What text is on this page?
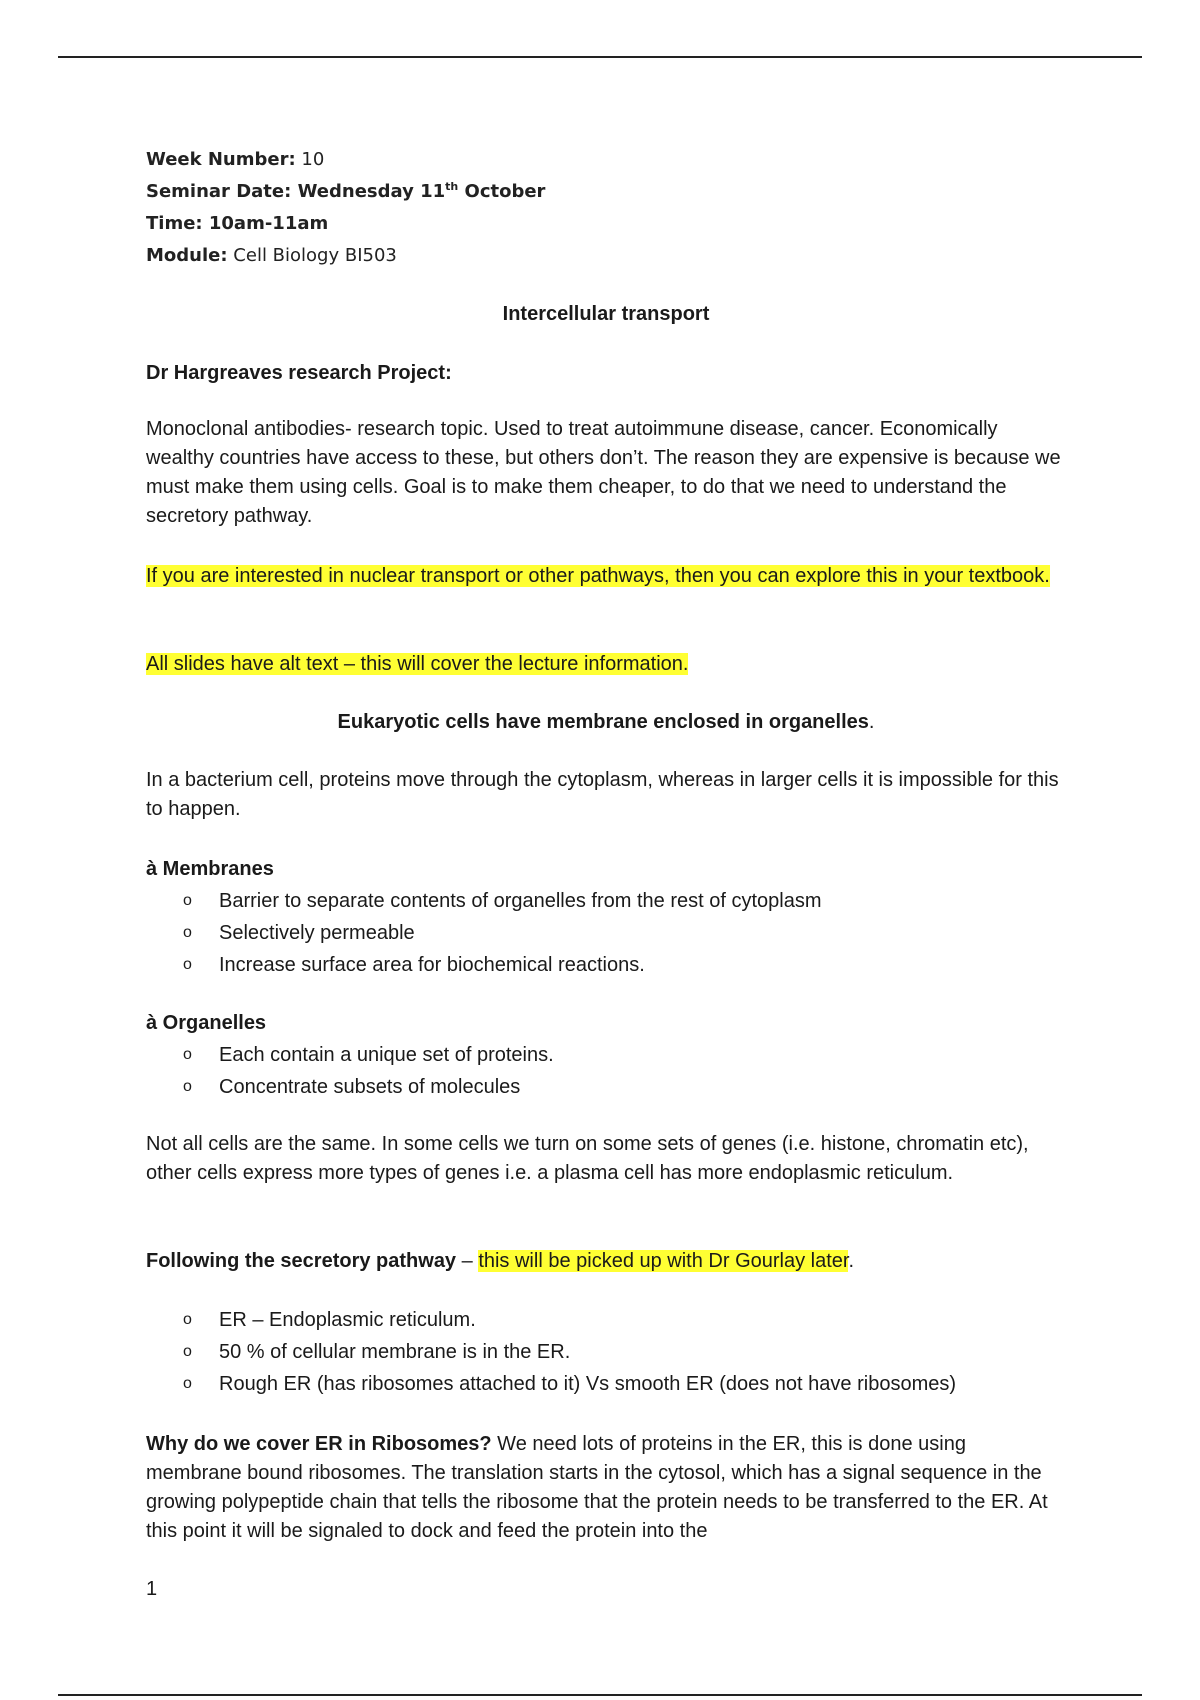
Week Number: 10
Seminar Date: Wednesday 11th October
Time: 10am-11am
Module: Cell Biology BI503
Intercellular transport
Dr Hargreaves research Project:
Monoclonal antibodies- research topic. Used to treat autoimmune disease, cancer. Economically wealthy countries have access to these, but others don’t. The reason they are expensive is because we must make them using cells. Goal is to make them cheaper, to do that we need to understand the secretory pathway.
If you are interested in nuclear transport or other pathways, then you can explore this in your textbook.
All slides have alt text – this will cover the lecture information.
Eukaryotic cells have membrane enclosed in organelles.
In a bacterium cell, proteins move through the cytoplasm, whereas in larger cells it is impossible for this to happen.
à Membranes
o Barrier to separate contents of organelles from the rest of cytoplasm
o Selectively permeable
o Increase surface area for biochemical reactions.
à Organelles
o Each contain a unique set of proteins.
o Concentrate subsets of molecules
Not all cells are the same. In some cells we turn on some sets of genes (i.e. histone, chromatin etc), other cells express more types of genes i.e. a plasma cell has more endoplasmic reticulum.
Following the secretory pathway – this will be picked up with Dr Gourlay later.
o ER – Endoplasmic reticulum.
o 50 % of cellular membrane is in the ER.
o Rough ER (has ribosomes attached to it) Vs smooth ER (does not have ribosomes)
Why do we cover ER in Ribosomes? We need lots of proteins in the ER, this is done using membrane bound ribosomes. The translation starts in the cytosol, which has a signal sequence in the growing polypeptide chain that tells the ribosome that the protein needs to be transferred to the ER. At this point it will be signaled to dock and feed the protein into the
1
